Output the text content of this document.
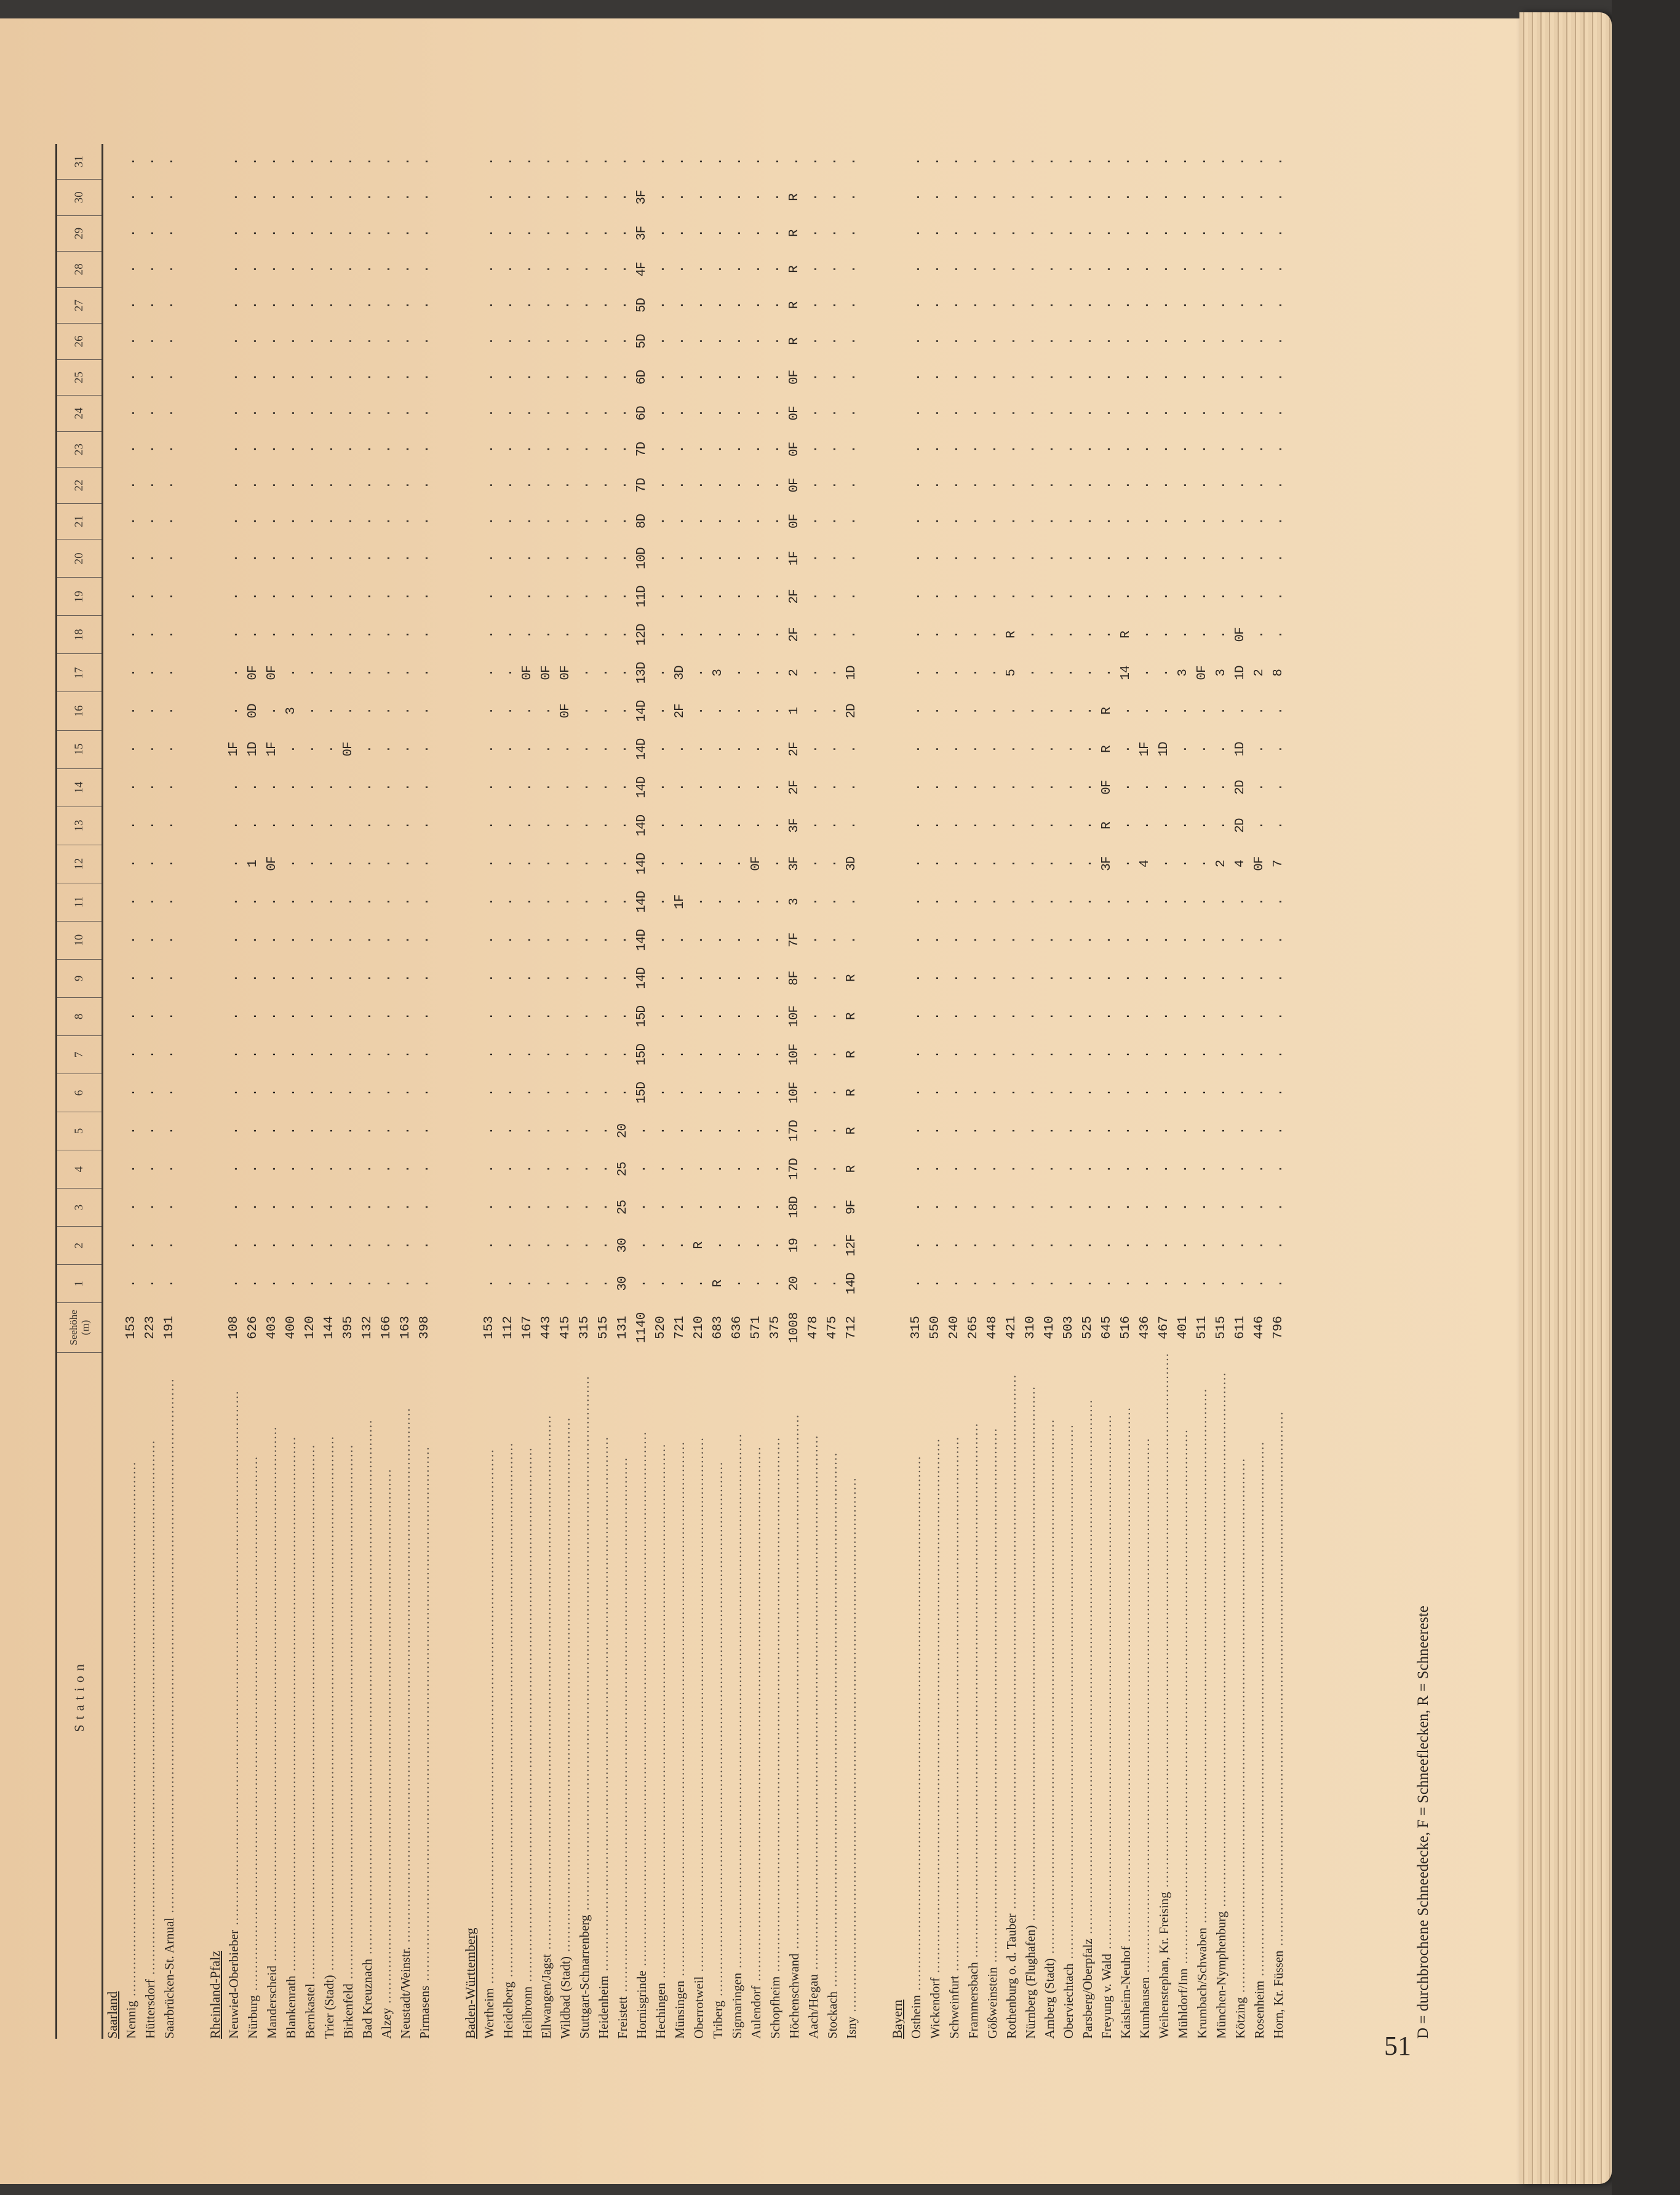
Station	Seehöhe (m)	1	2	3	4	5	6	7	8	9	10	11	12	13	14	15	16	17	18	19	20	21	22	23	24	25	26	27	28	29	30	31
Saarland																																
Nennig ........................................................................................................................	153	.	.	.	.	.	.	.	.	.	.	.	.	.	.	.	.	.	.	.	.	.	.	.	.	.	.	.	.	.	.	.
Hüttersdorf ........................................................................................................................	223	.	.	.	.	.	.	.	.	.	.	.	.	.	.	.	.	.	.	.	.	.	.	.	.	.	.	.	.	.	.	.
Saarbrücken-St. Arnual ........................................................................................................................	191	.	.	.	.	.	.	.	.	.	.	.	.	.	.	.	.	.	.	.	.	.	.	.	.	.	.	.	.	.	.	.

Rheinland-Pfalz																																
Neuwied-Oberbieber ........................................................................................................................	108	.	.	.	.	.	.	.	.	.	.	.	.	.	.	1F	.	.	.	.	.	.	.	.	.	.	.	.	.	.	.	.
Nürburg ........................................................................................................................	626	.	.	.	.	.	.	.	.	.	.	.	1	.	.	1D	0D	0F	.	.	.	.	.	.	.	.	.	.	.	.	.	.
Manderscheid ........................................................................................................................	403	.	.	.	.	.	.	.	.	.	.	.	0F	.	.	1F	.	0F	.	.	.	.	.	.	.	.	.	.	.	.	.	.
Blankenrath ........................................................................................................................	400	.	.	.	.	.	.	.	.	.	.	.	.	.	.	.	3	.	.	.	.	.	.	.	.	.	.	.	.	.	.	.
Bernkastel ........................................................................................................................	120	.	.	.	.	.	.	.	.	.	.	.	.	.	.	.	.	.	.	.	.	.	.	.	.	.	.	.	.	.	.	.
Trier (Stadt) ........................................................................................................................	144	.	.	.	.	.	.	.	.	.	.	.	.	.	.	.	.	.	.	.	.	.	.	.	.	.	.	.	.	.	.	.
Birkenfeld ........................................................................................................................	395	.	.	.	.	.	.	.	.	.	.	.	.	.	.	0F	.	.	.	.	.	.	.	.	.	.	.	.	.	.	.	.
Bad Kreuznach ........................................................................................................................	132	.	.	.	.	.	.	.	.	.	.	.	.	.	.	.	.	.	.	.	.	.	.	.	.	.	.	.	.	.	.	.
Alzey ........................................................................................................................	166	.	.	.	.	.	.	.	.	.	.	.	.	.	.	.	.	.	.	.	.	.	.	.	.	.	.	.	.	.	.	.
Neustadt/Weinstr. ........................................................................................................................	163	.	.	.	.	.	.	.	.	.	.	.	.	.	.	.	.	.	.	.	.	.	.	.	.	.	.	.	.	.	.	.
Pirmasens ........................................................................................................................	398	.	.	.	.	.	.	.	.	.	.	.	.	.	.	.	.	.	.	.	.	.	.	.	.	.	.	.	.	.	.	.

Baden-Württemberg																																
Wertheim ........................................................................................................................	153	.	.	.	.	.	.	.	.	.	.	.	.	.	.	.	.	.	.	.	.	.	.	.	.	.	.	.	.	.	.	.
Heidelberg ........................................................................................................................	112	.	.	.	.	.	.	.	.	.	.	.	.	.	.	.	.	.	.	.	.	.	.	.	.	.	.	.	.	.	.	.
Heilbronn ........................................................................................................................	167	.	.	.	.	.	.	.	.	.	.	.	.	.	.	.	.	0F	.	.	.	.	.	.	.	.	.	.	.	.	.	.
Ellwangen/Jagst ........................................................................................................................	443	.	.	.	.	.	.	.	.	.	.	.	.	.	.	.	.	0F	.	.	.	.	.	.	.	.	.	.	.	.	.	.
Wildbad (Stadt) ........................................................................................................................	415	.	.	.	.	.	.	.	.	.	.	.	.	.	.	.	0F	0F	.	.	.	.	.	.	.	.	.	.	.	.	.	.
Stuttgart-Schnarrenberg ........................................................................................................................	315	.	.	.	.	.	.	.	.	.	.	.	.	.	.	.	.	.	.	.	.	.	.	.	.	.	.	.	.	.	.	.
Heidenheim ........................................................................................................................	515	.	.	.	.	.	.	.	.	.	.	.	.	.	.	.	.	.	.	.	.	.	.	.	.	.	.	.	.	.	.	.
Freistett ........................................................................................................................	131	30	30	25	25	20	.	.	.	.	.	.	.	.	.	.	.	.	.	.	.	.	.	.	.	.	.	.	.	.	.	.
Hornisgrinde ........................................................................................................................	1140	.	.	.	.	.	15D	15D	15D	14D	14D	14D	14D	14D	14D	14D	14D	13D	12D	11D	10D	8D	7D	7D	6D	6D	5D	5D	4F	3F	3F	.
Hechingen ........................................................................................................................	520	.	.	.	.	.	.	.	.	.	.	.	.	.	.	.	.	.	.	.	.	.	.	.	.	.	.	.	.	.	.	.
Münsingen ........................................................................................................................	721	.	.	.	.	.	.	.	.	.	.	1F	.	.	.	.	2F	3D	.	.	.	.	.	.	.	.	.	.	.	.	.	.
Oberrotweil ........................................................................................................................	210	.	R	.	.	.	.	.	.	.	.	.	.	.	.	.	.	.	.	.	.	.	.	.	.	.	.	.	.	.	.	.
Triberg ........................................................................................................................	683	R	.	.	.	.	.	.	.	.	.	.	.	.	.	.	.	3	.	.	.	.	.	.	.	.	.	.	.	.	.	.
Sigmaringen ........................................................................................................................	636	.	.	.	.	.	.	.	.	.	.	.	.	.	.	.	.	.	.	.	.	.	.	.	.	.	.	.	.	.	.	.
Aulendorf ........................................................................................................................	571	.	.	.	.	.	.	.	.	.	.	.	0F	.	.	.	.	.	.	.	.	.	.	.	.	.	.	.	.	.	.	.
Schopfheim ........................................................................................................................	375	.	.	.	.	.	.	.	.	.	.	.	.	.	.	.	.	.	.	.	.	.	.	.	.	.	.	.	.	.	.	.
Höchenschwand ........................................................................................................................	1008	20	19	18D	17D	17D	10F	10F	10F	8F	7F	3	3F	3F	2F	2F	1	2	2F	2F	1F	0F	0F	0F	0F	0F	R	R	R	R	R	.
Aach/Hegau ........................................................................................................................	478	.	.	.	.	.	.	.	.	.	.	.	.	.	.	.	.	.	.	.	.	.	.	.	.	.	.	.	.	.	.	.
Stockach ........................................................................................................................	475	.	.	.	.	.	.	.	.	.	.	.	.	.	.	.	.	.	.	.	.	.	.	.	.	.	.	.	.	.	.	.
Isny ........................................................................................................................	712	14D	12F	9F	R	R	R	R	R	R	.	.	3D	.	.	.	2D	1D	.	.	.	.	.	.	.	.	.	.	.	.	.	.

Bayern																																
Ostheim ........................................................................................................................	315	.	.	.	.	.	.	.	.	.	.	.	.	.	.	.	.	.	.	.	.	.	.	.	.	.	.	.	.	.	.	.
Wickendorf ........................................................................................................................	550	.	.	.	.	.	.	.	.	.	.	.	.	.	.	.	.	.	.	.	.	.	.	.	.	.	.	.	.	.	.	.
Schweinfurt ........................................................................................................................	240	.	.	.	.	.	.	.	.	.	.	.	.	.	.	.	.	.	.	.	.	.	.	.	.	.	.	.	.	.	.	.
Frammersbach ........................................................................................................................	265	.	.	.	.	.	.	.	.	.	.	.	.	.	.	.	.	.	.	.	.	.	.	.	.	.	.	.	.	.	.	.
Gößweinstein ........................................................................................................................	448	.	.	.	.	.	.	.	.	.	.	.	.	.	.	.	.	.	.	.	.	.	.	.	.	.	.	.	.	.	.	.
Rothenburg o. d. Tauber ........................................................................................................................	421	.	.	.	.	.	.	.	.	.	.	.	.	.	.	.	.	5	R	.	.	.	.	.	.	.	.	.	.	.	.	.
Nürnberg (Flughafen) ........................................................................................................................	310	.	.	.	.	.	.	.	.	.	.	.	.	.	.	.	.	.	.	.	.	.	.	.	.	.	.	.	.	.	.	.
Amberg (Stadt) ........................................................................................................................	410	.	.	.	.	.	.	.	.	.	.	.	.	.	.	.	.	.	.	.	.	.	.	.	.	.	.	.	.	.	.	.
Oberviechtach ........................................................................................................................	503	.	.	.	.	.	.	.	.	.	.	.	.	.	.	.	.	.	.	.	.	.	.	.	.	.	.	.	.	.	.	.
Parsberg/Oberpfalz ........................................................................................................................	525	.	.	.	.	.	.	.	.	.	.	.	.	.	.	.	.	.	.	.	.	.	.	.	.	.	.	.	.	.	.	.
Freyung v. Wald ........................................................................................................................	645	.	.	.	.	.	.	.	.	.	.	.	3F	R	0F	R	R	.	.	.	.	.	.	.	.	.	.	.	.	.	.	.
Kaisheim-Neuhof ........................................................................................................................	516	.	.	.	.	.	.	.	.	.	.	.	.	.	.	.	.	14	R	.	.	.	.	.	.	.	.	.	.	.	.	.
Kumhausen ........................................................................................................................	436	.	.	.	.	.	.	.	.	.	.	.	4	.	.	1F	.	.	.	.	.	.	.	.	.	.	.	.	.	.	.	.
Weihenstephan, Kr. Freising ........................................................................................................................	467	.	.	.	.	.	.	.	.	.	.	.	.	.	.	1D	.	.	.	.	.	.	.	.	.	.	.	.	.	.	.	.
Mühldorf/Inn ........................................................................................................................	401	.	.	.	.	.	.	.	.	.	.	.	.	.	.	.	.	3	.	.	.	.	.	.	.	.	.	.	.	.	.	.
Krumbach/Schwaben ........................................................................................................................	511	.	.	.	.	.	.	.	.	.	.	.	.	.	.	.	.	0F	.	.	.	.	.	.	.	.	.	.	.	.	.	.
München-Nymphenburg ........................................................................................................................	515	.	.	.	.	.	.	.	.	.	.	.	2	.	.	.	.	3	.	.	.	.	.	.	.	.	.	.	.	.	.	.
Kötzing ........................................................................................................................	611	.	.	.	.	.	.	.	.	.	.	.	4	2D	2D	1D	.	1D	0F	.	.	.	.	.	.	.	.	.	.	.	.	.
Rosenheim ........................................................................................................................	446	.	.	.	.	.	.	.	.	.	.	.	0F	.	.	.	.	2	.	.	.	.	.	.	.	.	.	.	.	.	.	.
Horn, Kr. Füssen ........................................................................................................................	796	.	.	.	.	.	.	.	.	.	.	.	7	.	.	.	.	8	.	.	.	.	.	.	.	.	.	.	.	.	.	.
D = durchbrochene Schneedecke, F = Schneeflecken, R = Schneereste
51
